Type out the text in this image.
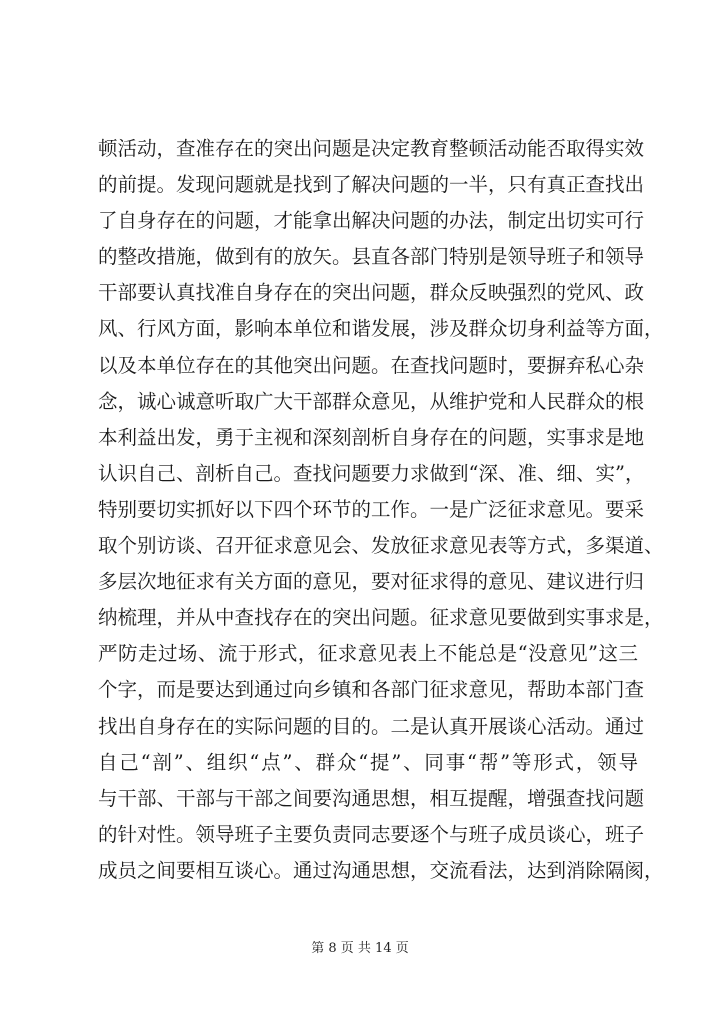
顿活动，查准存在的突出问题是决定教育整顿活动能否取得实效
的前提。发现问题就是找到了解决问题的一半，只有真正查找出
了自身存在的问题，才能拿出解决问题的办法，制定出切实可行
的整改措施，做到有的放矢。县直各部门特别是领导班子和领导
干部要认真找准自身存在的突出问题，群众反映强烈的党风、政
风、行风方面，影响本单位和谐发展，涉及群众切身利益等方面，
以及本单位存在的其他突出问题。在查找问题时，要摒弃私心杂
念，诚心诚意听取广大干部群众意见，从维护党和人民群众的根
本利益出发，勇于主视和深刻剖析自身存在的问题，实事求是地
认识自己、剖析自己。查找问题要力求做到“深、准、细、实”，
特别要切实抓好以下四个环节的工作。一是广泛征求意见。要采
取个别访谈、召开征求意见会、发放征求意见表等方式，多渠道、
多层次地征求有关方面的意见，要对征求得的意见、建议进行归
纳梳理，并从中查找存在的突出问题。征求意见要做到实事求是，
严防走过场、流于形式，征求意见表上不能总是“没意见”这三
个字，而是要达到通过向乡镇和各部门征求意见，帮助本部门查
找出自身存在的实际问题的目的。二是认真开展谈心活动。通过
自己“剖”、组织“点”、群众“提”、同事“帮”等形式，领导
与干部、干部与干部之间要沟通思想，相互提醒，增强查找问题
的针对性。领导班子主要负责同志要逐个与班子成员谈心，班子
成员之间要相互谈心。通过沟通思想，交流看法，达到消除隔阂，
第 8 页 共 14 页
